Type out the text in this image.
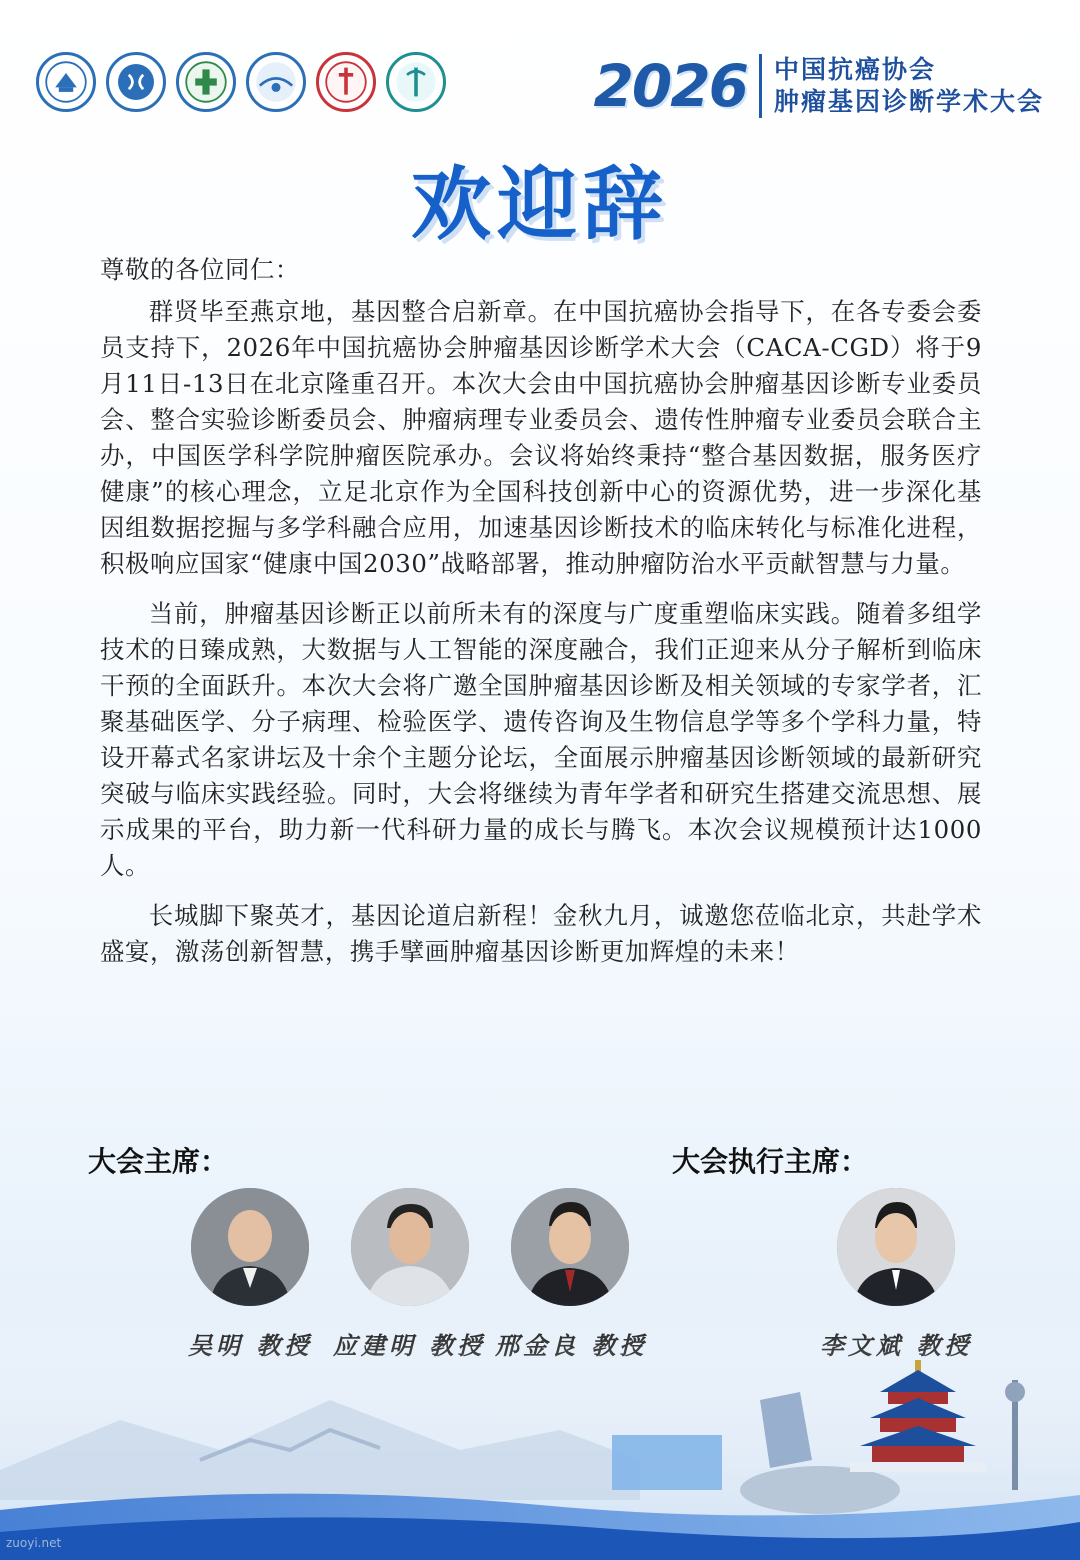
2026 中国抗癌协会
肿瘤基因诊断学术大会
欢迎辞

尊敬的各位同仁：

群贤毕至燕京地，基因整合启新章。在中国抗癌协会指导下，在各专委会委员支持下，2026年中国抗癌协会肿瘤基因诊断学术大会（CACA-CGD）将于9月11日-13日在北京隆重召开。本次大会由中国抗癌协会肿瘤基因诊断专业委员会、整合实验诊断委员会、肿瘤病理专业委员会、遗传性肿瘤专业委员会联合主办，中国医学科学院肿瘤医院承办。会议将始终秉持“整合基因数据，服务医疗健康”的核心理念，立足北京作为全国科技创新中心的资源优势，进一步深化基因组数据挖掘与多学科融合应用，加速基因诊断技术的临床转化与标准化进程，积极响应国家“健康中国2030”战略部署，推动肿瘤防治水平贡献智慧与力量。

当前，肿瘤基因诊断正以前所未有的深度与广度重塑临床实践。随着多组学技术的日臻成熟，大数据与人工智能的深度融合，我们正迎来从分子解析到临床干预的全面跃升。本次大会将广邀全国肿瘤基因诊断及相关领域的专家学者，汇聚基础医学、分子病理、检验医学、遗传咨询及生物信息学等多个学科力量，特设开幕式名家讲坛及十余个主题分论坛，全面展示肿瘤基因诊断领域的最新研究突破与临床实践经验。同时，大会将继续为青年学者和研究生搭建交流思想、展示成果的平台，助力新一代科研力量的成长与腾飞。本次会议规模预计达1000人。

长城脚下聚英才，基因论道启新程！金秋九月，诚邀您莅临北京，共赴学术盛宴，激荡创新智慧，携手擘画肿瘤基因诊断更加辉煌的未来！

大会主席：	大会执行主席：
zuoyi.net
